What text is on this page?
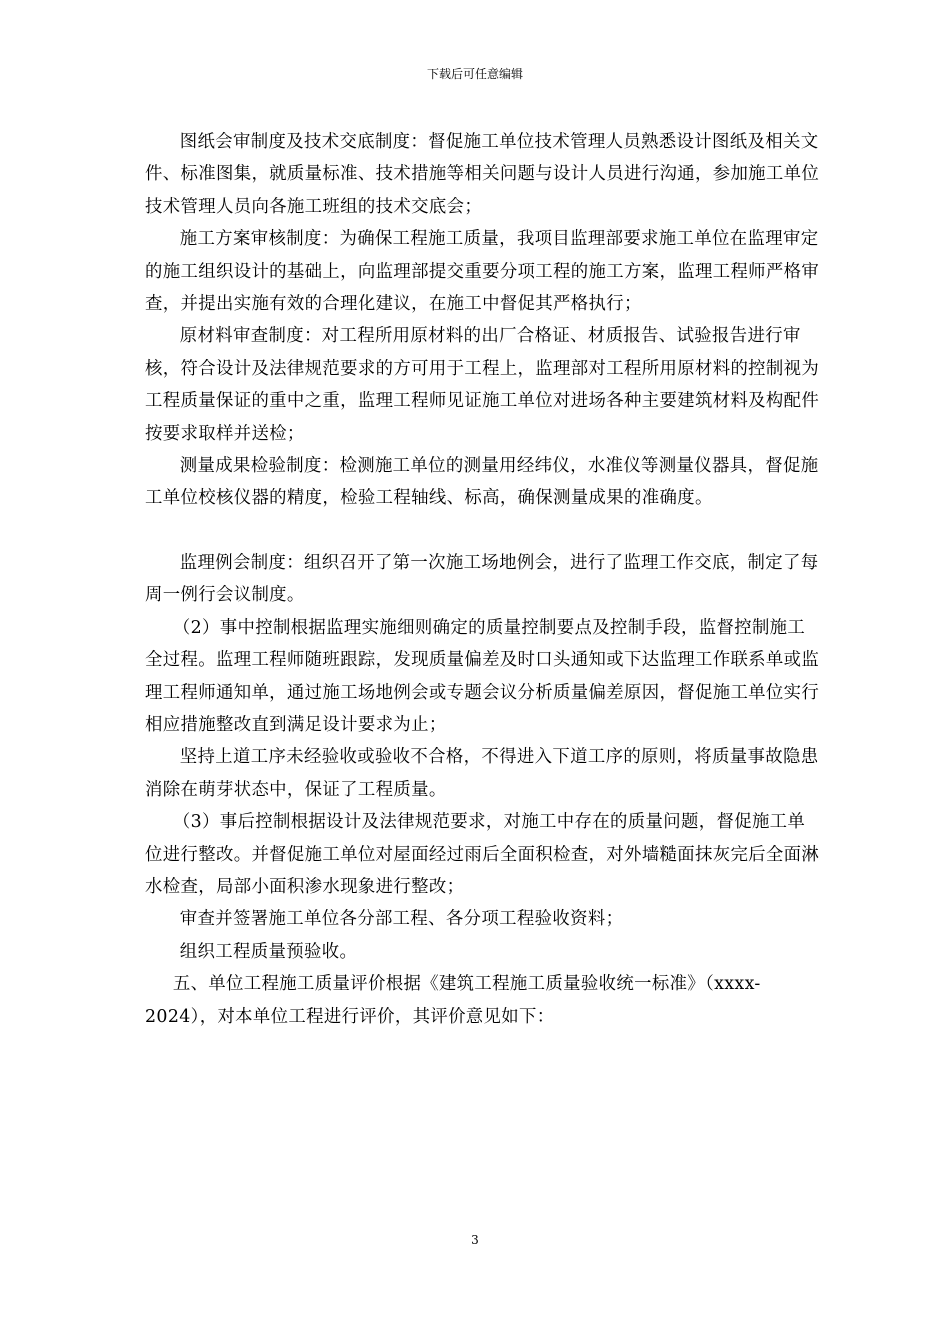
下载后可任意编辑

图纸会审制度及技术交底制度：督促施工单位技术管理人员熟悉设计图纸及相关文件、标准图集，就质量标准、技术措施等相关问题与设计人员进行沟通，参加施工单位技术管理人员向各施工班组的技术交底会；

施工方案审核制度：为确保工程施工质量，我项目监理部要求施工单位在监理审定的施工组织设计的基础上，向监理部提交重要分项工程的施工方案，监理工程师严格审查，并提出实施有效的合理化建议，在施工中督促其严格执行；

原材料审查制度：对工程所用原材料的出厂合格证、材质报告、试验报告进行审核，符合设计及法律规范要求的方可用于工程上，监理部对工程所用原材料的控制视为工程质量保证的重中之重，监理工程师见证施工单位对进场各种主要建筑材料及构配件按要求取样并送检；

测量成果检验制度：检测施工单位的测量用经纬仪，水准仪等测量仪器具，督促施工单位校核仪器的精度，检验工程轴线、标高，确保测量成果的准确度。

监理例会制度：组织召开了第一次施工场地例会，进行了监理工作交底，制定了每周一例行会议制度。

（2）事中控制根据监理实施细则确定的质量控制要点及控制手段，监督控制施工全过程。监理工程师随班跟踪，发现质量偏差及时口头通知或下达监理工作联系单或监理工程师通知单，通过施工场地例会或专题会议分析质量偏差原因，督促施工单位实行相应措施整改直到满足设计要求为止；

坚持上道工序未经验收或验收不合格，不得进入下道工序的原则，将质量事故隐患消除在萌芽状态中，保证了工程质量。

（3）事后控制根据设计及法律规范要求，对施工中存在的质量问题，督促施工单位进行整改。并督促施工单位对屋面经过雨后全面积检查，对外墙糙面抹灰完后全面淋水检查，局部小面积渗水现象进行整改；

审查并签署施工单位各分部工程、各分项工程验收资料；

组织工程质量预验收。

五、单位工程施工质量评价根据《建筑工程施工质量验收统一标准》（xxxx-2024），对本单位工程进行评价，其评价意见如下：

3
